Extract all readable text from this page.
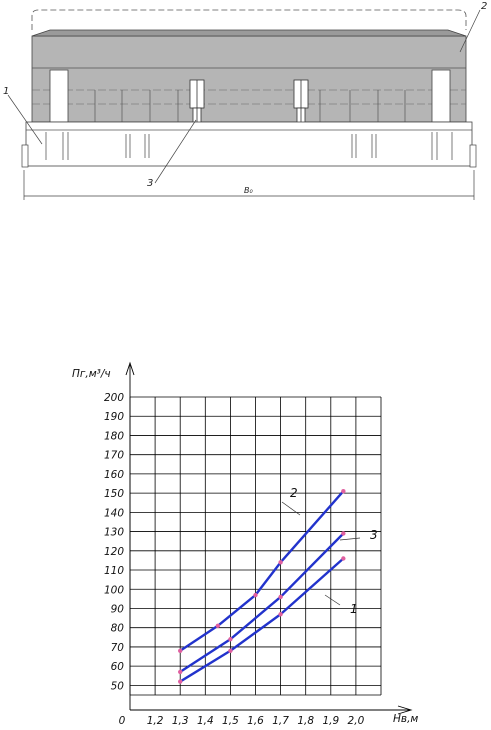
1
2
3
В₀
50
60
70
80
90
100
110
120
130
140
150
160
170
180
190
200
0 1,2 1,3 1,4 1,5 1,6 1,7 1,8 1,9 2,0
1
2
3
Пг,м³/ч
Нв,м
